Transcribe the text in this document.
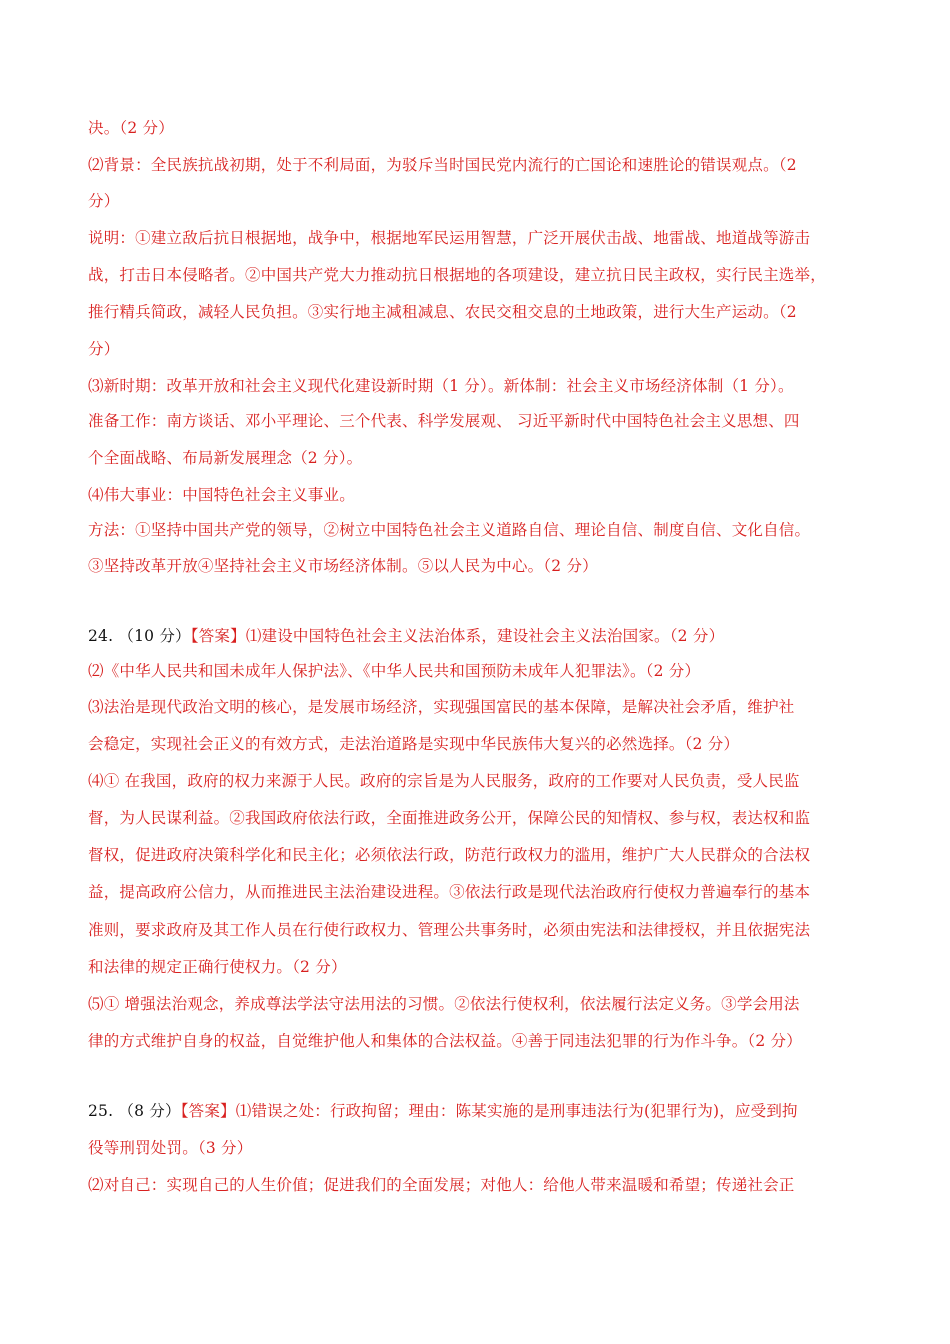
决。（2 分）
⑵背景：全民族抗战初期，处于不利局面，为驳斥当时国民党内流行的亡国论和速胜论的错误观点。（2
分）
说明：①建立敌后抗日根据地，战争中，根据地军民运用智慧，广泛开展伏击战、地雷战、地道战等游击
战，打击日本侵略者。②中国共产党大力推动抗日根据地的各项建设，建立抗日民主政权，实行民主选举，
推行精兵简政，减轻人民负担。③实行地主减租减息、农民交租交息的土地政策，进行大生产运动。（2
分）
⑶新时期：改革开放和社会主义现代化建设新时期（1 分）。新体制：社会主义市场经济体制（1 分）。
准备工作：南方谈话、邓小平理论、三个代表、科学发展观、 习近平新时代中国特色社会主义思想、四
个全面战略、布局新发展理念（2 分）。
⑷伟大事业：中国特色社会主义事业。
方法：①坚持中国共产党的领导，②树立中国特色社会主义道路自信、理论自信、制度自信、文化自信。
③坚持改革开放④坚持社会主义市场经济体制。⑤以人民为中心。（2 分）
24. （10 分）【答案】⑴建设中国特色社会主义法治体系，建设社会主义法治国家。（2 分）
⑵《中华人民共和国未成年人保护法》、《中华人民共和国预防未成年人犯罪法》。（2 分）
⑶法治是现代政治文明的核心，是发展市场经济，实现强国富民的基本保障，是解决社会矛盾，维护社
会稳定，实现社会正义的有效方式，走法治道路是实现中华民族伟大复兴的必然选择。（2 分）
⑷① 在我国，政府的权力来源于人民。政府的宗旨是为人民服务，政府的工作要对人民负责，受人民监
督，为人民谋利益。②我国政府依法行政，全面推进政务公开，保障公民的知情权、参与权，表达权和监
督权，促进政府决策科学化和民主化；必须依法行政，防范行政权力的滥用，维护广大人民群众的合法权
益，提高政府公信力，从而推进民主法治建设进程。③依法行政是现代法治政府行使权力普遍奉行的基本
准则，要求政府及其工作人员在行使行政权力、管理公共事务时，必须由宪法和法律授权，并且依据宪法
和法律的规定正确行使权力。（2 分）
⑸① 增强法治观念，养成尊法学法守法用法的习惯。②依法行使权利，依法履行法定义务。③学会用法
律的方式维护自身的权益，自觉维护他人和集体的合法权益。④善于同违法犯罪的行为作斗争。（2 分）
25. （8 分）【答案】⑴错误之处：行政拘留；理由：陈某实施的是刑事违法行为(犯罪行为)，应受到拘
役等刑罚处罚。（3 分）
⑵对自己：实现自己的人生价值；促进我们的全面发展；对他人：给他人带来温暖和希望；传递社会正
